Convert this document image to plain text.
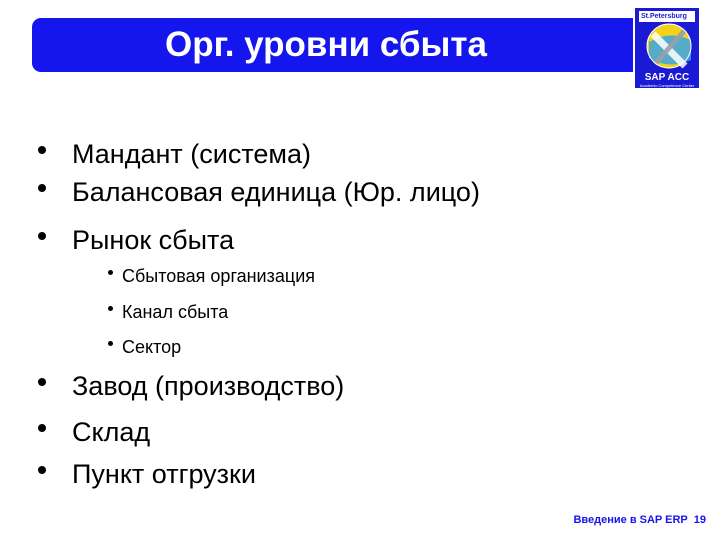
Орг. уровни сбыта
St.Petersburg
SAP ACC
Academic Competence Center
Мандант (система)
Балансовая единица (Юр. лицо)
Рынок сбыта
Сбытовая организация
Канал сбыта
Сектор
Завод (производство)
Склад
Пункт отгрузки
Введение в SAP ERP 19
